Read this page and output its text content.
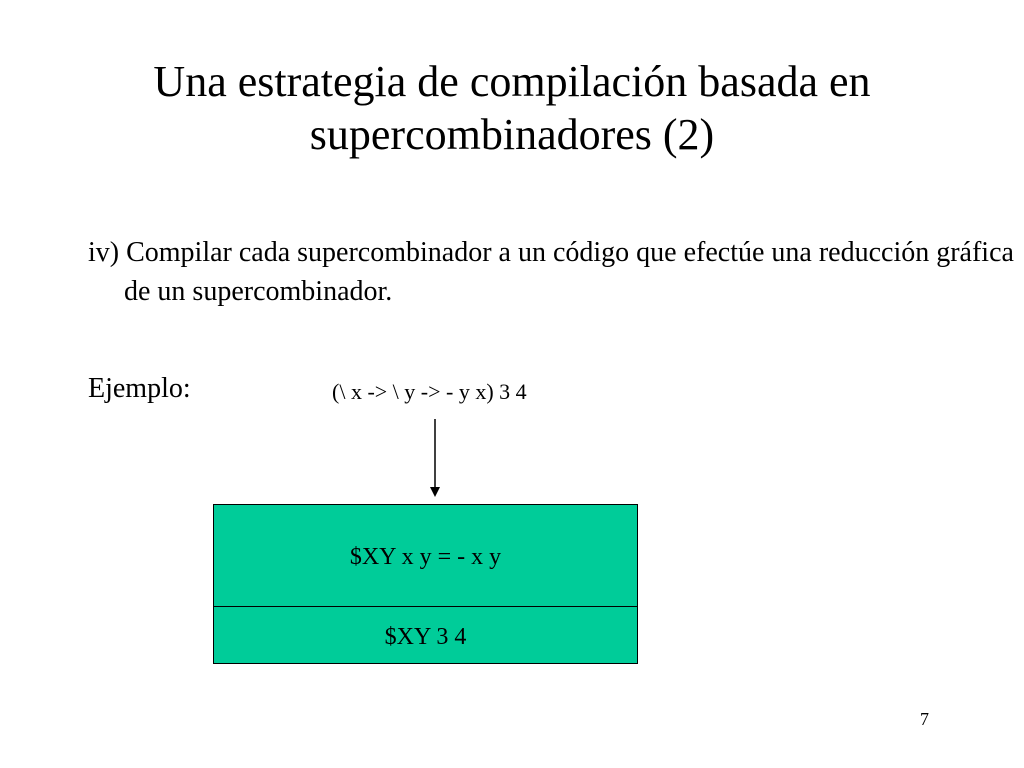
Una estrategia de compilación basada en
supercombinadores (2)
iv) Compilar cada supercombinador a un código que efectúe una reducción gráfica de un supercombinador.
Ejemplo:	(\ x -> \ y -> - y x) 3 4
$XY x y = - x y
$XY 3 4
7
